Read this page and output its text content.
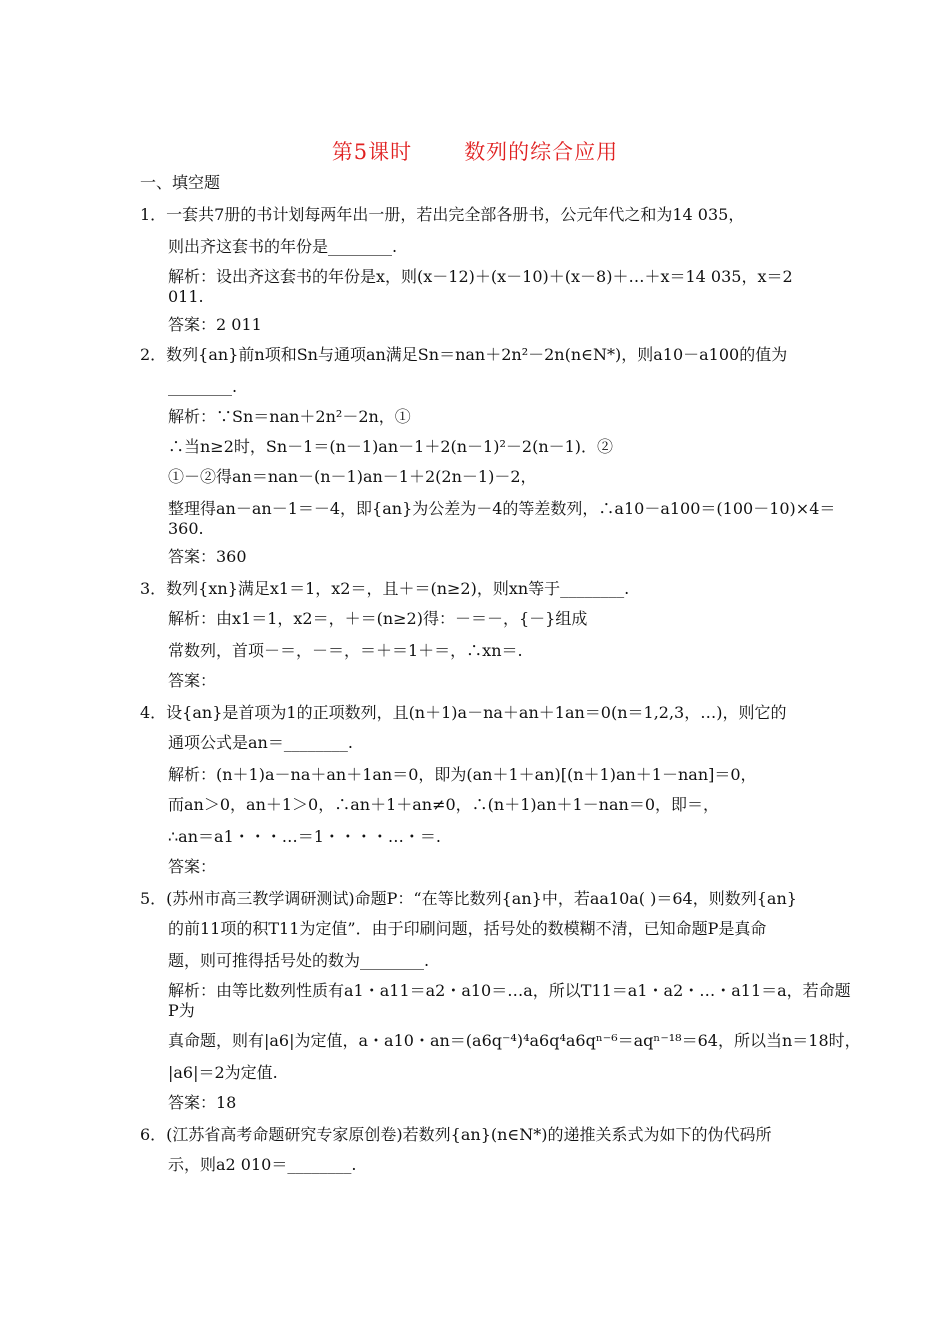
第5课时 数列的综合应用
一、填空题
1．一套共7册的书计划每两年出一册，若出完全部各册书，公元年代之和为14 035，
则出齐这套书的年份是________.
解析：设出齐这套书的年份是x，则(x－12)＋(x－10)＋(x－8)＋…＋x＝14 035，x＝2
011.
答案：2 011
2．数列{an}前n项和Sn与通项an满足Sn＝nan＋2n²－2n(n∈N*)，则a10－a100的值为
________.
解析：∵Sn＝nan＋2n²－2n，①
∴当n≥2时，Sn－1＝(n－1)an－1＋2(n－1)²－2(n－1)．②
①－②得an＝nan－(n－1)an－1＋2(2n－1)－2，
整理得an－an－1＝－4，即{an}为公差为－4的等差数列，∴a10－a100＝(100－10)×4＝
360.
答案：360
3．数列{xn}满足x1＝1，x2＝，且＋＝(n≥2)，则xn等于________.
解析：由x1＝1，x2＝，＋＝(n≥2)得：－＝－，{－}组成
常数列，首项－＝，－＝，＝＋＝1＋＝，∴xn＝.
答案：
4．设{an}是首项为1的正项数列，且(n＋1)a－na＋an＋1an＝0(n＝1,2,3，…)，则它的
通项公式是an＝________.
解析：(n＋1)a－na＋an＋1an＝0，即为(an＋1＋an)[(n＋1)an＋1－nan]＝0，
而an＞0，an＋1＞0，∴an＋1＋an≠0，∴(n＋1)an＋1－nan＝0，即＝，
∴an＝a1・・・…＝1・・・・…・＝.
答案：
5．(苏州市高三教学调研测试)命题P：“在等比数列{an}中，若aa10a( )＝64，则数列{an}
的前11项的积T11为定值”．由于印刷问题，括号处的数模糊不清，已知命题P是真命
题，则可推得括号处的数为________.
解析：由等比数列性质有a1・a11＝a2・a10＝…a，所以T11＝a1・a2・…・a11＝a，若命题
P为
真命题，则有|a6|为定值，a・a10・an＝(a6q⁻⁴)⁴a6q⁴a6qⁿ⁻⁶＝aqⁿ⁻¹⁸＝64，所以当n＝18时，
|a6|＝2为定值.
答案：18
6．(江苏省高考命题研究专家原创卷)若数列{an}(n∈N*)的递推关系式为如下的伪代码所
示，则a2 010＝________.
